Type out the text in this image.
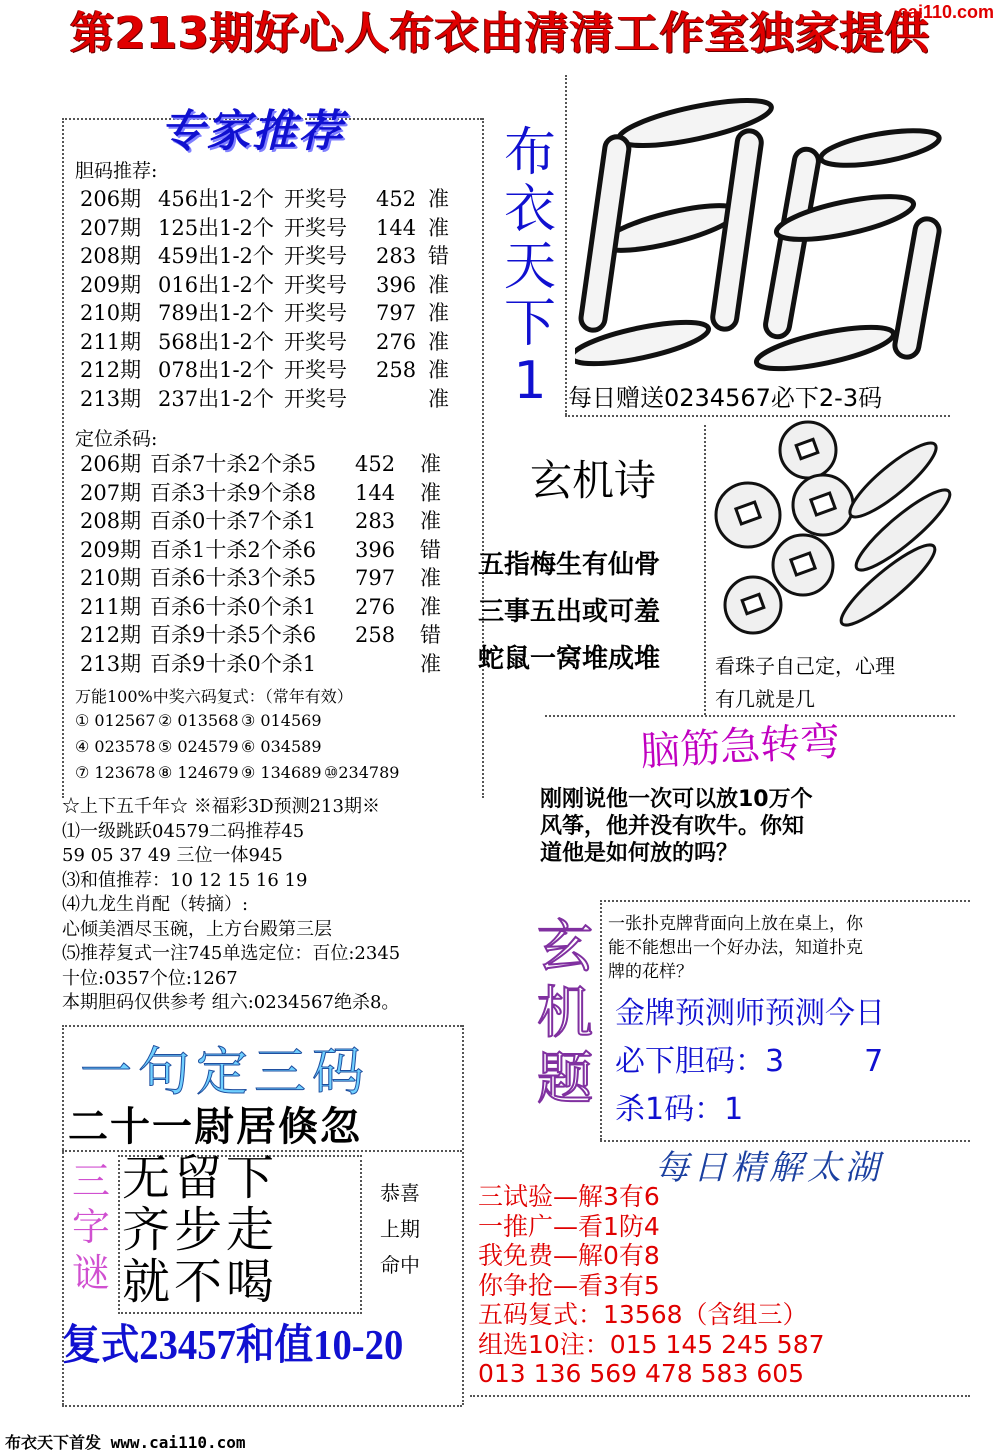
第213期好心人布衣由清清工作室独家提供
cai110.com
专家推荐
胆码推荐:
206期 456出1-2个 开奖号	452 准
207期 125出1-2个 开奖号	144 准
208期 459出1-2个 开奖号	283 错
209期 016出1-2个 开奖号	396 准
210期 789出1-2个 开奖号	797 准
211期 568出1-2个 开奖号	276 准
212期 078出1-2个 开奖号	258 准
213期 237出1-2个 开奖号	准
定位杀码:
206期 百杀7十杀2个杀5	452	准
207期 百杀3十杀9个杀8	144	准
208期 百杀0十杀7个杀1	283	准
209期 百杀1十杀2个杀6	396	错
210期 百杀6十杀3个杀5	797	准
211期 百杀6十杀0个杀1	276	准
212期 百杀9十杀5个杀6	258	错
213期 百杀9十杀0个杀1	准
万能100%中奖六码复式：（常年有效）
① 012567 ② 013568 ③ 014569
④ 023578 ⑤ 024579 ⑥ 034589
⑦ 123678 ⑧ 124679 ⑨ 134689 ⑩234789
☆上下五千年☆ ※福彩3D预测213期※
⑴一级跳跃04579二码推荐45
59 05 37 49 三位一体945
⑶和值推荐：10 12 15 16 19
⑷九龙生肖配（转摘）:
心倾美酒尽玉碗，上方台殿第三层
⑸推荐复式一注745单选定位：百位:2345
十位:0357个位:1267
本期胆码仅供参考 组六:0234567绝杀8。
布
衣
天
下
1 每日赠送0234567必下2-3码
玄机诗
五指梅生有仙骨
三事五出或可羞
蛇鼠一窝堆成堆	看珠子自己定，心理
有几就是几
脑筋急转弯
刚刚说他一次可以放10万个
风筝，他并没有吹牛。你知
道他是如何放的吗？
玄
机
题
一张扑克牌背面向上放在桌上，你
能不能想出一个好办法，知道扑克
牌的花样？
金牌预测师预测今日
必下胆码：3	7
杀1码：1
一句定三码
二十一尉居倏忽
三
字
谜
无留下
齐步走
就不喝
恭喜
上期
命中
复式23457和值10-20
每日精解太湖
三试验—解3有6
一推广—看1防4
我免费—解0有8
你争抢—看3有5
五码复式：13568（含组三）
组选10注：015 145 245 587
013 136 569 478 583 605
布衣天下首发 www.cai110.com
